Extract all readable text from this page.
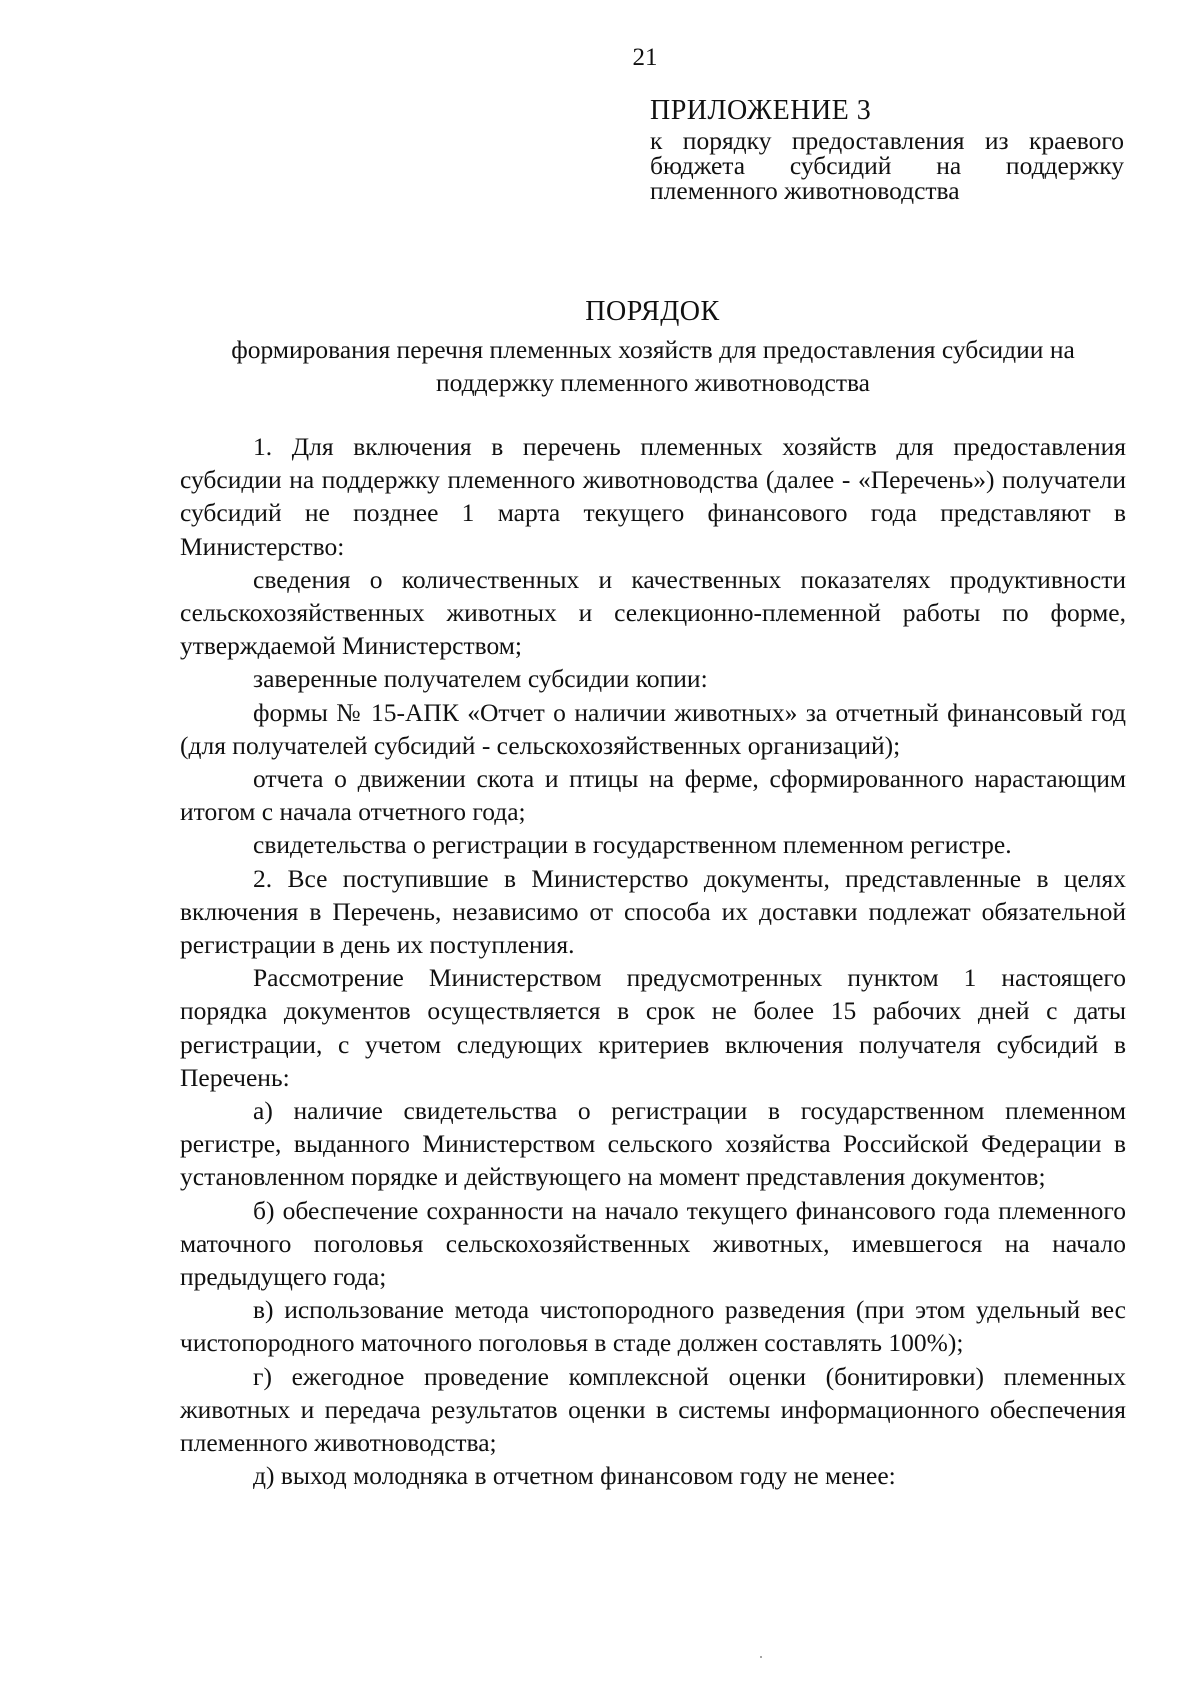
21
ПРИЛОЖЕНИЕ 3
к порядку предоставления из краевого бюджета субсидий на поддержку племенного животноводства
ПОРЯДОК
формирования перечня племенных хозяйств для предоставления субсидии на поддержку племенного животноводства

1. Для включения в перечень племенных хозяйств для предоставления субсидии на поддержку племенного животноводства (далее - «Перечень») получатели субсидий не позднее 1 марта текущего финансового года представляют в Министерство:

сведения о количественных и качественных показателях продуктивности сельскохозяйственных животных и селекционно-племенной работы по форме, утверждаемой Министерством;

заверенные получателем субсидии копии:

формы № 15-АПК «Отчет о наличии животных» за отчетный финансовый год (для получателей субсидий - сельскохозяйственных организаций);

отчета о движении скота и птицы на ферме, сформированного нарастающим итогом с начала отчетного года;

свидетельства о регистрации в государственном племенном регистре.

2. Все поступившие в Министерство документы, представленные в целях включения в Перечень, независимо от способа их доставки подлежат обязательной регистрации в день их поступления.

Рассмотрение Министерством предусмотренных пунктом 1 настоящего порядка документов осуществляется в срок не более 15 рабочих дней с даты регистрации, с учетом следующих критериев включения получателя субсидий в Перечень:

а) наличие свидетельства о регистрации в государственном племенном регистре, выданного Министерством сельского хозяйства Российской Федерации в установленном порядке и действующего на момент представления документов;

б) обеспечение сохранности на начало текущего финансового года племенного маточного поголовья сельскохозяйственных животных, имевшегося на начало предыдущего года;

в) использование метода чистопородного разведения (при этом удельный вес чистопородного маточного поголовья в стаде должен составлять 100%);

г) ежегодное проведение комплексной оценки (бонитировки) племенных животных и передача результатов оценки в системы информационного обеспечения племенного животноводства;

д) выход молодняка в отчетном финансовом году не менее:
